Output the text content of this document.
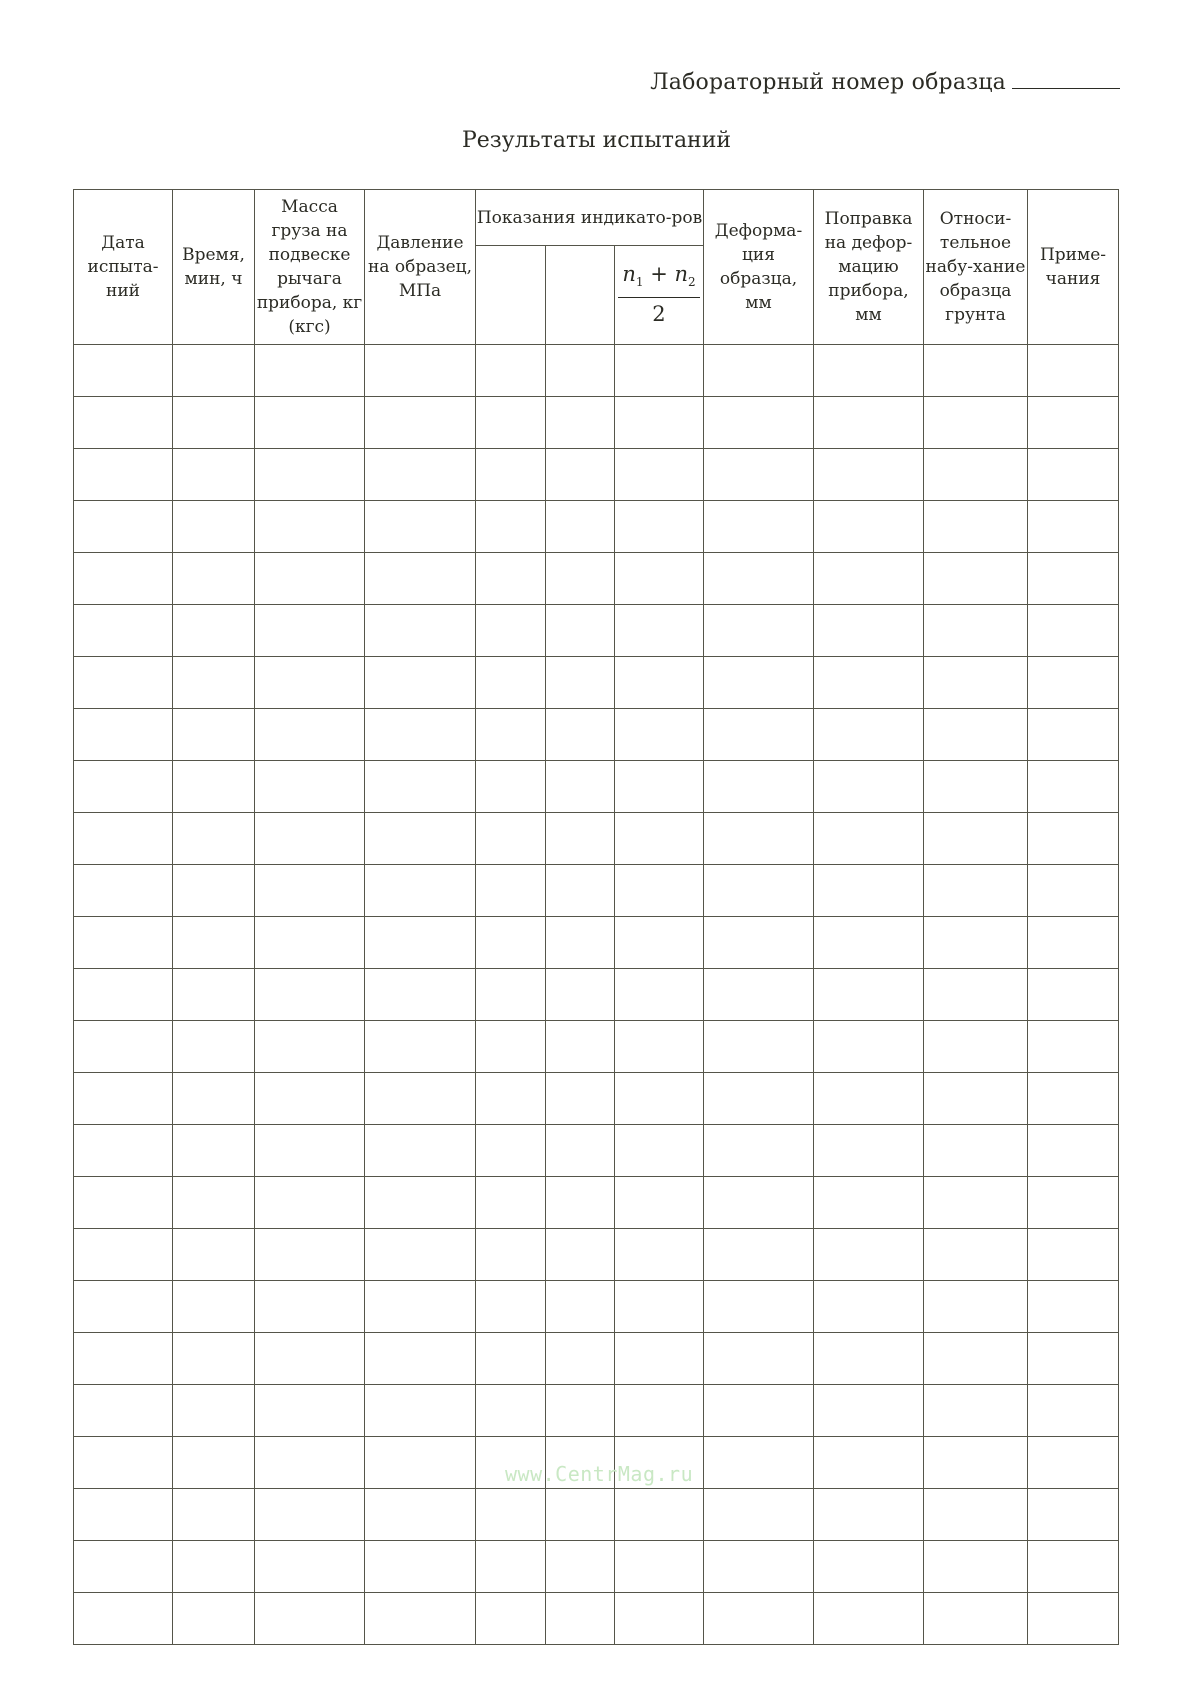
Лабораторный номер образца
Результаты испытаний
Дата испыта-ний	Время, мин, ч	Масса груза на подвеске рычага прибора, кг (кгс)	Давление на образец, МПа	Показания индикато-ров			Деформа-ция образца, мм	Поправка на дефор-мацию прибора, мм	Относи-тельное набу-хание образца грунта	Приме-чания

						$\frac{n_1 + n_2}{2}$

www.CentrMag.ru
